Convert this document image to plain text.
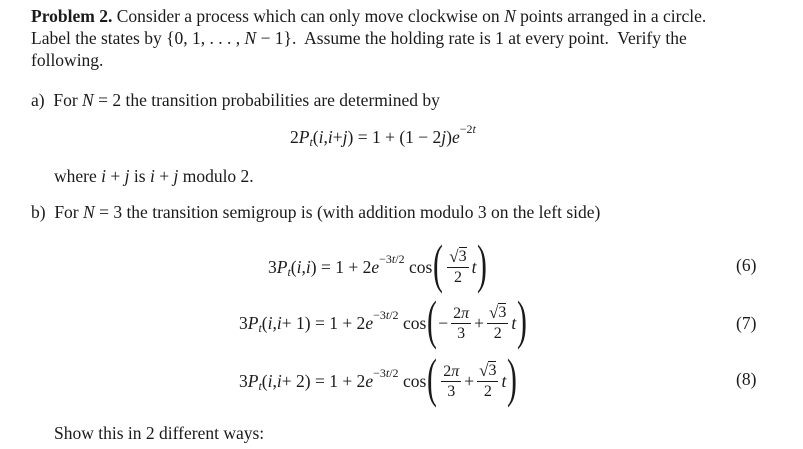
Problem 2. Consider a process which can only move clockwise on N points arranged in a circle.
Label the states by {0, 1, . . . , N − 1}.  Assume the holding rate is 1 at every point.  Verify the
following.
a)  For N = 2 the transition probabilities are determined by
2 P t ( i , i + j ) = 1 + (1 − 2 j ) e −2t
where i + j is i + j modulo 2.
b)  For N = 3 the transition semigroup is (with addition modulo 3 on the left side)
3 P t ( i , i ) = 1 + 2 e −3t/2 cos ( $\frac{√ 3}{2}$ t )	(6)
3 P t ( i , i + 1) = 1 + 2 e −3t/2 cos ( − $\frac{2\pi}{3} + \frac{√ 3}{2}$ t )	(7)
3 P t ( i , i + 2) = 1 + 2 e −3t/2 cos ( $\frac{2\pi}{3} + \frac{√ 3}{2}$ t )	(8)
Show this in 2 different ways:
